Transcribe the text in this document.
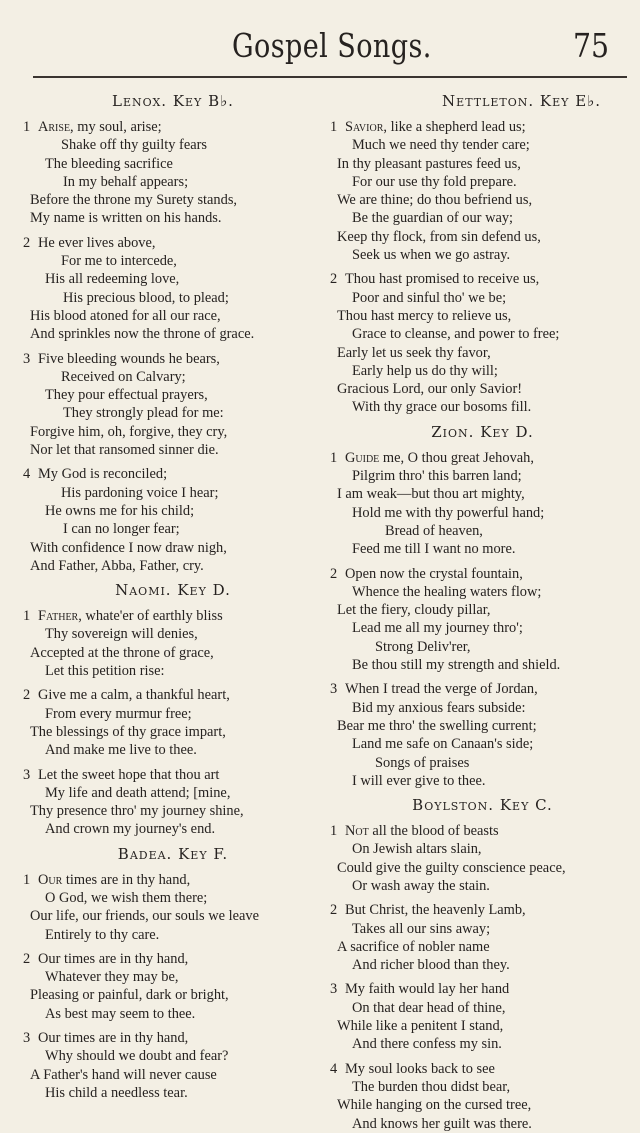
Gospel Songs.	75
Lenox. Key B♭.
1 Arise, my soul, arise;
Shake off thy guilty fears
The bleeding sacrifice
In my behalf appears;
Before the throne my Surety stands,
My name is written on his hands.
2 He ever lives above,
For me to intercede,
His all redeeming love,
His precious blood, to plead;
His blood atoned for all our race,
And sprinkles now the throne of grace.
3 Five bleeding wounds he bears,
Received on Calvary;
They pour effectual prayers,
They strongly plead for me:
Forgive him, oh, forgive, they cry,
Nor let that ransomed sinner die.
4 My God is reconciled;
His pardoning voice I hear;
He owns me for his child;
I can no longer fear;
With confidence I now draw nigh,
And Father, Abba, Father, cry.
Naomi. Key D.
1 Father, whate'er of earthly bliss
Thy sovereign will denies,
Accepted at the throne of grace,
Let this petition rise:
2 Give me a calm, a thankful heart,
From every murmur free;
The blessings of thy grace impart,
And make me live to thee.
3 Let the sweet hope that thou art
My life and death attend; [mine,
Thy presence thro' my journey shine,
And crown my journey's end.
Badea. Key F.
1 Our times are in thy hand,
O God, we wish them there;
Our life, our friends, our souls we leave
Entirely to thy care.
2 Our times are in thy hand,
Whatever they may be,
Pleasing or painful, dark or bright,
As best may seem to thee.
3 Our times are in thy hand,
Why should we doubt and fear?
A Father's hand will never cause
His child a needless tear.
Nettleton. Key E♭.
1 Savior, like a shepherd lead us;
Much we need thy tender care;
In thy pleasant pastures feed us,
For our use thy fold prepare.
We are thine; do thou befriend us,
Be the guardian of our way;
Keep thy flock, from sin defend us,
Seek us when we go astray.
2 Thou hast promised to receive us,
Poor and sinful tho' we be;
Thou hast mercy to relieve us,
Grace to cleanse, and power to free;
Early let us seek thy favor,
Early help us do thy will;
Gracious Lord, our only Savior!
With thy grace our bosoms fill.
Zion. Key D.
1 Guide me, O thou great Jehovah,
Pilgrim thro' this barren land;
I am weak—but thou art mighty,
Hold me with thy powerful hand;
Bread of heaven,
Feed me till I want no more.
2 Open now the crystal fountain,
Whence the healing waters flow;
Let the fiery, cloudy pillar,
Lead me all my journey thro';
Strong Deliv'rer,
Be thou still my strength and shield.
3 When I tread the verge of Jordan,
Bid my anxious fears subside:
Bear me thro' the swelling current;
Land me safe on Canaan's side;
Songs of praises
I will ever give to thee.
Boylston. Key C.
1 Not all the blood of beasts
On Jewish altars slain,
Could give the guilty conscience peace,
Or wash away the stain.
2 But Christ, the heavenly Lamb,
Takes all our sins away;
A sacrifice of nobler name
And richer blood than they.
3 My faith would lay her hand
On that dear head of thine,
While like a penitent I stand,
And there confess my sin.
4 My soul looks back to see
The burden thou didst bear,
While hanging on the cursed tree,
And knows her guilt was there.
